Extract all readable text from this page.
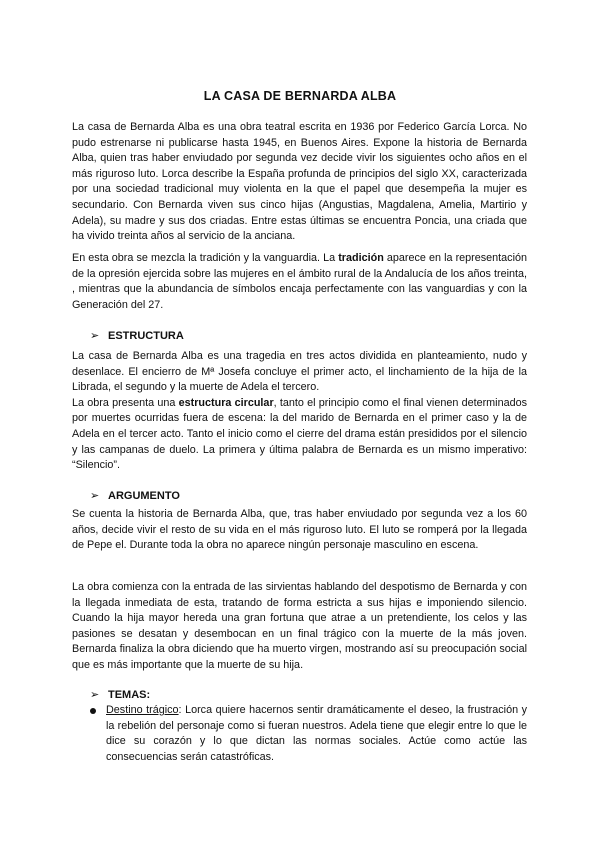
LA CASA DE BERNARDA ALBA

La casa de Bernarda Alba es una obra teatral escrita en 1936 por Federico García Lorca. No pudo estrenarse ni publicarse hasta 1945, en Buenos Aires. Expone la historia de Bernarda Alba, quien tras haber enviudado por segunda vez decide vivir los siguientes ocho años en el más riguroso luto. Lorca describe la España profunda de principios del siglo XX, caracterizada por una sociedad tradicional muy violenta en la que el papel que desempeña la mujer es secundario. Con Bernarda viven sus cinco hijas (Angustias, Magdalena, Amelia, Martirio y Adela), su madre y sus dos criadas. Entre estas últimas se encuentra Poncia, una criada que ha vivido treinta años al servicio de la anciana.

En esta obra se mezcla la tradición y la vanguardia. La tradición aparece en la representación de la opresión ejercida sobre las mujeres en el ámbito rural de la Andalucía de los años treinta, , mientras que la abundancia de símbolos encaja perfectamente con las vanguardias y con la Generación del 27.

➢ ESTRUCTURA

La casa de Bernarda Alba es una tragedia en tres actos dividida en planteamiento, nudo y desenlace. El encierro de Mª Josefa concluye el primer acto, el linchamiento de la hija de la Librada, el segundo y la muerte de Adela el tercero.

La obra presenta una estructura circular, tanto el principio como el final vienen determinados por muertes ocurridas fuera de escena: la del marido de Bernarda en el primer caso y la de Adela en el tercer acto. Tanto el inicio como el cierre del drama están presididos por el silencio y las campanas de duelo. La primera y última palabra de Bernarda es un mismo imperativo: “Silencio”.

➢ ARGUMENTO

Se cuenta la historia de Bernarda Alba, que, tras haber enviudado por segunda vez a los 60 años, decide vivir el resto de su vida en el más riguroso luto. El luto se romperá por la llegada de Pepe el. Durante toda la obra no aparece ningún personaje masculino en escena.

La obra comienza con la entrada de las sirvientas hablando del despotismo de Bernarda y con la llegada inmediata de esta, tratando de forma estricta a sus hijas e imponiendo silencio. Cuando la hija mayor hereda una gran fortuna que atrae a un pretendiente, los celos y las pasiones se desatan y desembocan en un final trágico con la muerte de la más joven. Bernarda finaliza la obra diciendo que ha muerto virgen, mostrando así su preocupación social que es más importante que la muerte de su hija.

➢ TEMAS:
Destino trágico: Lorca quiere hacernos sentir dramáticamente el deseo, la frustración y la rebelión del personaje como si fueran nuestros. Adela tiene que elegir entre lo que le dice su corazón y lo que dictan las normas sociales. Actúe como actúe las consecuencias serán catastróficas.
